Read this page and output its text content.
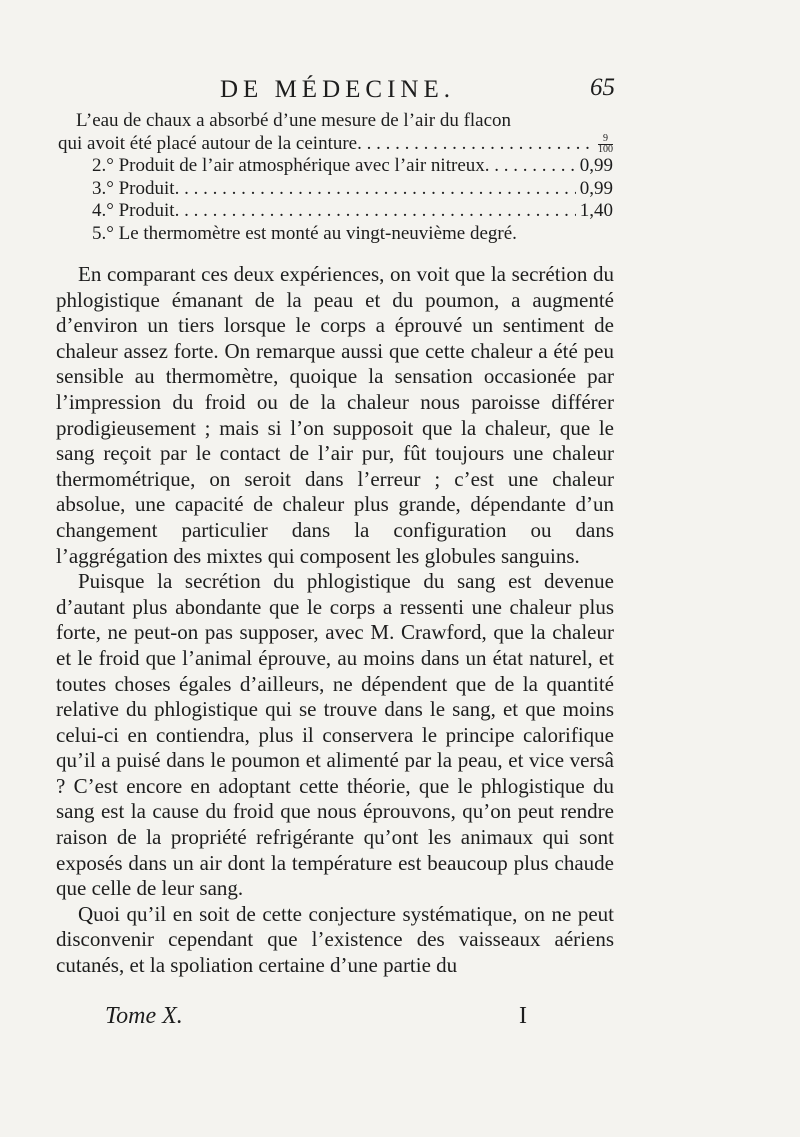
DE MÉDECINE.	65
L’eau de chaux a absorbé d’une mesure de l’air du flacon
qui avoit été placé autour de la ceinture . . .	$\frac{9}{100}$
2.° Produit de l’air atmosphérique avec l’air nitreux . . .	0,99
3.° Produit . . .	0,99
4.° Produit . . .	1,40
5.° Le thermomètre est monté au vingt-neuvième degré.

En comparant ces deux expériences, on voit que la secrétion du phlogistique émanant de la peau et du poumon, a augmenté d’environ un tiers lorsque le corps a éprouvé un sentiment de chaleur assez forte. On remarque aussi que cette chaleur a été peu sensible au thermomètre, quoique la sensation occasionée par l’impression du froid ou de la chaleur nous paroisse différer prodigieusement ; mais si l’on supposoit que la chaleur, que le sang reçoit par le contact de l’air pur, fût toujours une chaleur thermométrique, on seroit dans l’erreur ; c’est une chaleur absolue, une capacité de chaleur plus grande, dépendante d’un changement particulier dans la configuration ou dans l’aggrégation des mixtes qui composent les globules sanguins.

Puisque la secrétion du phlogistique du sang est devenue d’autant plus abondante que le corps a ressenti une chaleur plus forte, ne peut-on pas supposer, avec M. Crawford, que la chaleur et le froid que l’animal éprouve, au moins dans un état naturel, et toutes choses égales d’ailleurs, ne dépendent que de la quantité relative du phlogistique qui se trouve dans le sang, et que moins celui-ci en contiendra, plus il conservera le principe calorifique qu’il a puisé dans le poumon et alimenté par la peau, et vice versâ ? C’est encore en adoptant cette théorie, que le phlogistique du sang est la cause du froid que nous éprouvons, qu’on peut rendre raison de la propriété refrigérante qu’ont les animaux qui sont exposés dans un air dont la température est beaucoup plus chaude que celle de leur sang.

Quoi qu’il en soit de cette conjecture systématique, on ne peut disconvenir cependant que l’existence des vaisseaux aériens cutanés, et la spoliation certaine d’une partie du

Tome X.	I
